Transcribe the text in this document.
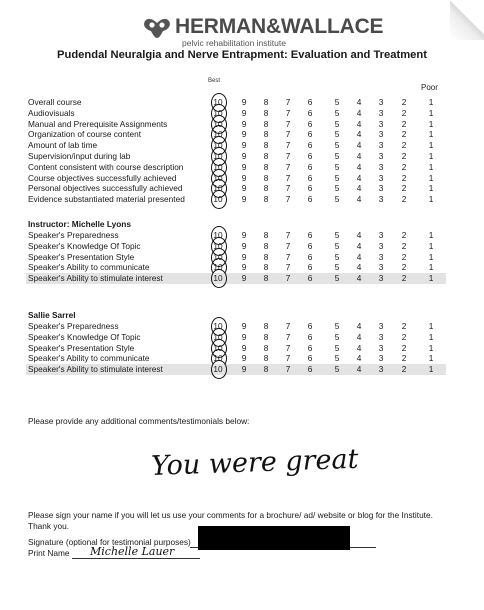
HERMAN&WALLACE
pelvic rehabilitation institute
Pudendal Neuralgia and Nerve Entrapment: Evaluation and Treatment
Best
Poor
Overall course	10	9	8	7	6	5	4	3	2	1
Audiovisuals	10	9	8	7	6	5	4	3	2	1
Manual and Prerequisite Assignments	10	9	8	7	6	5	4	3	2	1
Organization of course content	10	9	8	7	6	5	4	3	2	1
Amount of lab time	10	9	8	7	6	5	4	3	2	1
Supervision/input during lab	10	9	8	7	6	5	4	3	2	1
Content consistent with course description	10	9	8	7	6	5	4	3	2	1
Course objectives successfully achieved	10	9	8	7	6	5	4	3	2	1
Personal objectives successfully achieved	10	9	8	7	6	5	4	3	2	1
Evidence substantiated material presented	10	9	8	7	6	5	4	3	2	1
Instructor: Michelle Lyons
Speaker's Preparedness	10	9	8	7	6	5	4	3	2	1
Speaker's Knowledge Of Topic	10	9	8	7	6	5	4	3	2	1
Speaker's Presentation Style	10	9	8	7	6	5	4	3	2	1
Speaker's Ability to communicate	10	9	8	7	6	5	4	3	2	1
Speaker's Ability to stimulate interest	10	9	8	7	6	5	4	3	2	1
Sallie Sarrel
Speaker's Preparedness	10	9	8	7	6	5	4	3	2	1
Speaker's Knowledge Of Topic	10	9	8	7	6	5	4	3	2	1
Speaker's Presentation Style	10	9	8	7	6	5	4	3	2	1
Speaker's Ability to communicate	10	9	8	7	6	5	4	3	2	1
Speaker's Ability to stimulate interest	10	9	8	7	6	5	4	3	2	1
Please provide any additional comments/testimonials below:
You were great
Please sign your name if you will let us use your comments for a brochure/ ad/ website or blog for the Institute. Thank you.
Signature (optional for testimonial purposes)
Print Name Michelle Lauer
